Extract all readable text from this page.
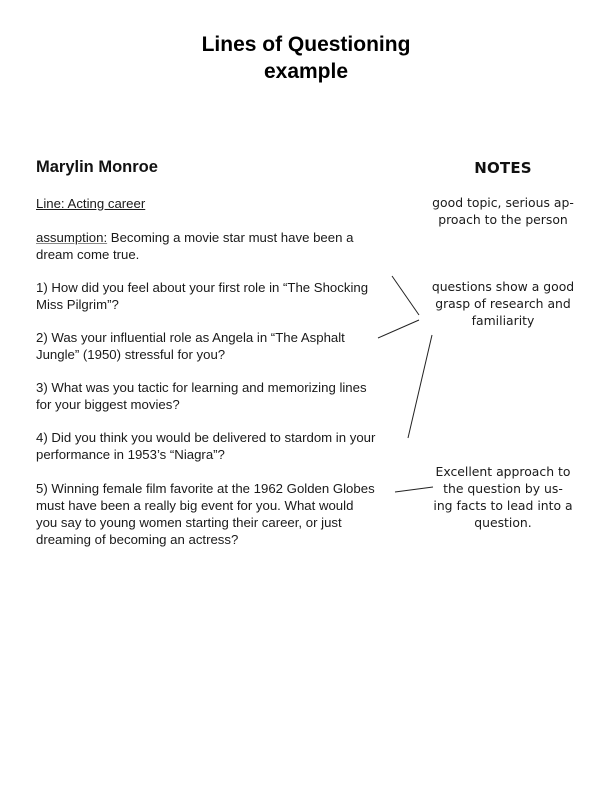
Lines of Questioning
example
Marylin Monroe	NOTES
Line: Acting career
assumption: Becoming a movie star must have been a
dream come true.
1) How did you feel about your first role in “The Shocking
Miss Pilgrim”?
2) Was your influential role as Angela in “The Asphalt
Jungle” (1950) stressful for you?
3) What was you tactic for learning and memorizing lines
for your biggest movies?
4) Did you think you would be delivered to stardom in your
performance in 1953’s “Niagra”?
5) Winning female film favorite at the 1962 Golden Globes
must have been a really big event for you. What would
you say to young women starting their career, or just
dreaming of becoming an actress?
good topic, serious ap-
proach to the person
questions show a good
grasp of research and
familiarity
Excellent approach to
the question by us-
ing facts to lead into a
question.
